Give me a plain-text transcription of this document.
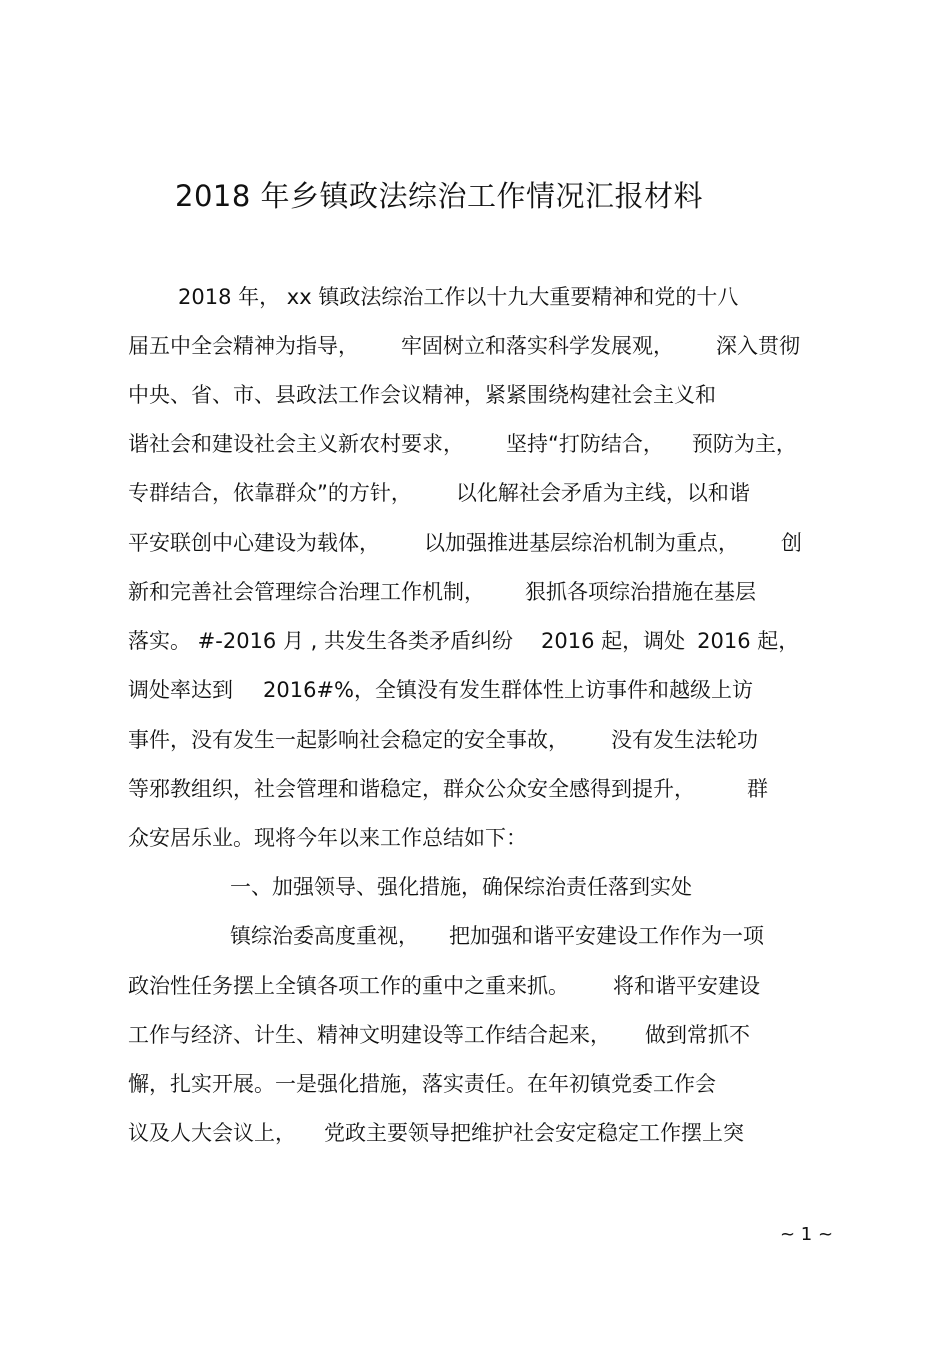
2018 年乡镇政法综治工作情况汇报材料
2018 年， xx 镇政法综治工作以十九大重要精神和党的十八
届五中全会精神为指导， 牢固树立和落实科学发展观， 深入贯彻
中央、省、市、县政法工作会议精神，紧紧围绕构建社会主义和
谐社会和建设社会主义新农村要求， 坚持“打防结合， 预防为主，
专群结合，依靠群众”的方针， 以化解社会矛盾为主线，以和谐
平安联创中心建设为载体， 以加强推进基层综治机制为重点， 创
新和完善社会管理综合治理工作机制， 狠抓各项综治措施在基层
落实。 #-2016 月 , 共发生各类矛盾纠纷 2016 起，调处 2016 起，
调处率达到 2016#%，全镇没有发生群体性上访事件和越级上访
事件，没有发生一起影响社会稳定的安全事故， 没有发生法轮功
等邪教组织，社会管理和谐稳定，群众公众安全感得到提升， 群
众安居乐业。现将今年以来工作总结如下：
一、加强领导、强化措施，确保综治责任落到实处
镇综治委高度重视， 把加强和谐平安建设工作作为一项
政治性任务摆上全镇各项工作的重中之重来抓。 将和谐平安建设
工作与经济、计生、精神文明建设等工作结合起来， 做到常抓不
懈，扎实开展。一是强化措施，落实责任。在年初镇党委工作会
议及人大会议上， 党政主要领导把维护社会安定稳定工作摆上突
~ 1 ~
